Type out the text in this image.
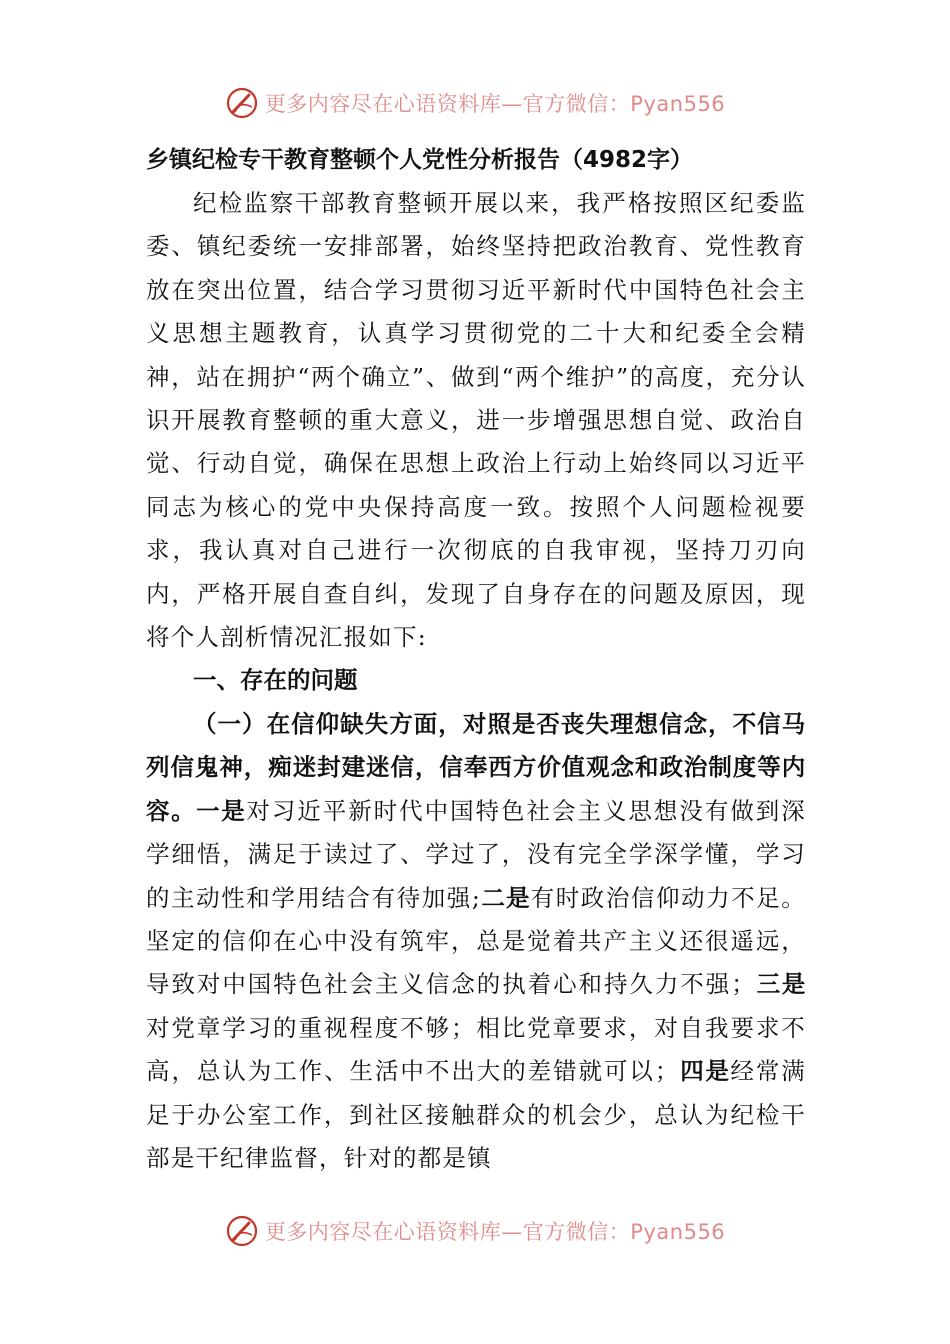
更多内容尽在心语资料库—官方微信：Pyan556
乡镇纪检专干教育整顿个人党性分析报告（4982字）

纪检监察干部教育整顿开展以来，我严格按照区纪委监委、镇纪委统一安排部署，始终坚持把政治教育、党性教育放在突出位置，结合学习贯彻习近平新时代中国特色社会主义思想主题教育，认真学习贯彻党的二十大和纪委全会精神，站在拥护“两个确立”、做到“两个维护”的高度，充分认识开展教育整顿的重大意义，进一步增强思想自觉、政治自觉、行动自觉，确保在思想上政治上行动上始终同以习近平同志为核心的党中央保持高度一致。按照个人问题检视要求，我认真对自己进行一次彻底的自我审视，坚持刀刃向内，严格开展自查自纠，发现了自身存在的问题及原因，现将个人剖析情况汇报如下:

一、存在的问题

（一）在信仰缺失方面，对照是否丧失理想信念，不信马列信鬼神，痴迷封建迷信，信奉西方价值观念和政治制度等内容。一是对习近平新时代中国特色社会主义思想没有做到深学细悟，满足于读过了、学过了，没有完全学深学懂，学习的主动性和学用结合有待加强;二是有时政治信仰动力不足。坚定的信仰在心中没有筑牢，总是觉着共产主义还很遥远，导致对中国特色社会主义信念的执着心和持久力不强；三是对党章学习的重视程度不够；相比党章要求，对自我要求不高，总认为工作、生活中不出大的差错就可以；四是经常满足于办公室工作，到社区接触群众的机会少，总认为纪检干部是干纪律监督，针对的都是镇

更多内容尽在心语资料库—官方微信：Pyan556
